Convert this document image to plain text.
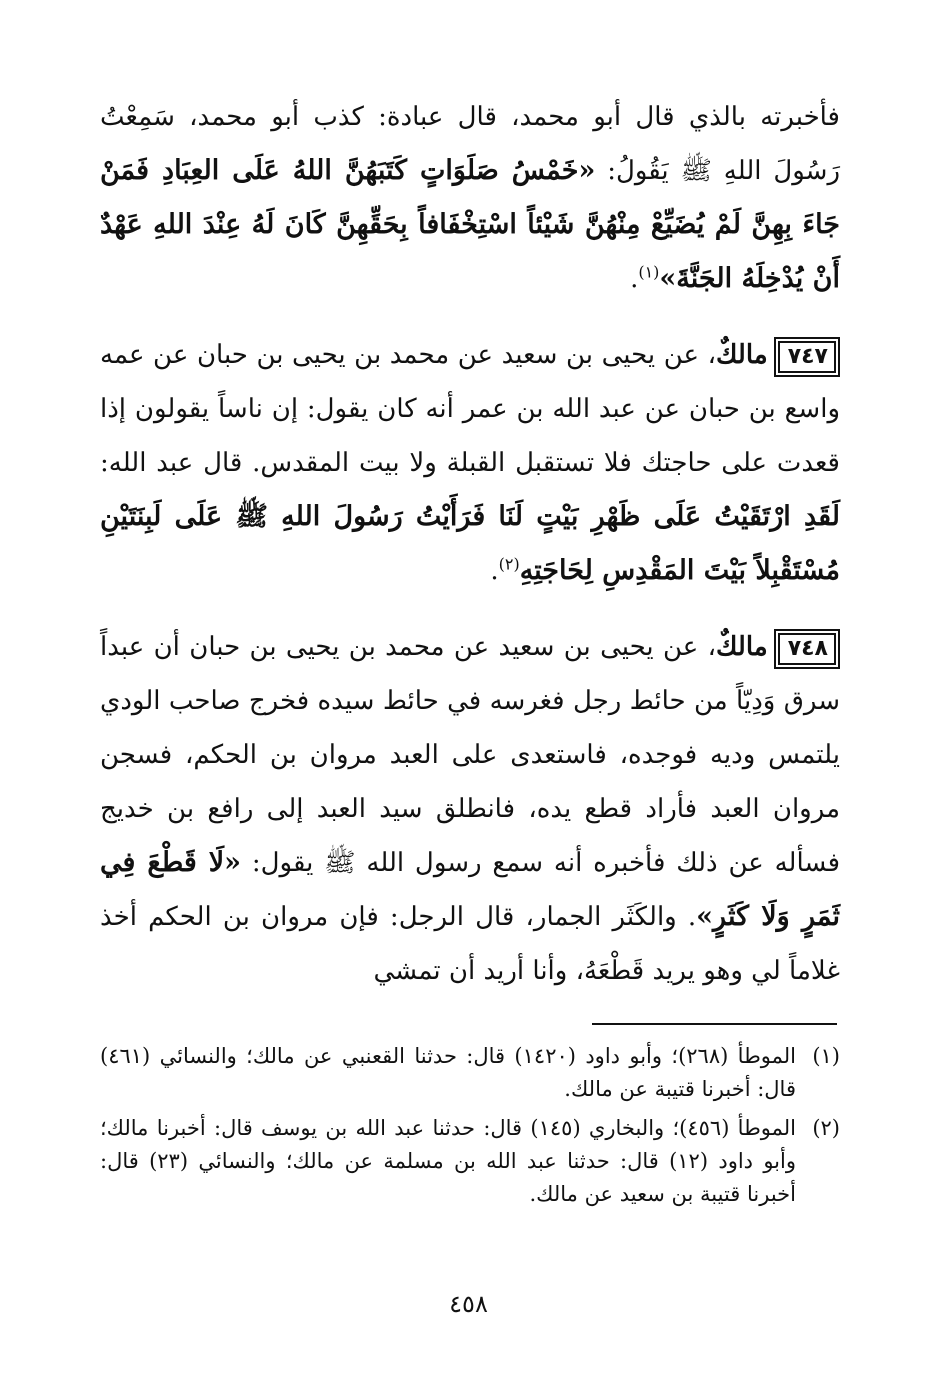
فأخبرته بالذي قال أبو محمد، قال عبادة: كذب أبو محمد، سَمِعْتُ رَسُولَ اللهِ ﷺ يَقُولُ: «خَمْسُ صَلَوَاتٍ كَتَبَهُنَّ اللهُ عَلَى العِبَادِ فَمَنْ جَاءَ بِهِنَّ لَمْ يُضَيِّعْ مِنْهُنَّ شَيْئاً اسْتِخْفَافاً بِحَقِّهِنَّ كَانَ لَهُ عِنْدَ اللهِ عَهْدٌ أَنْ يُدْخِلَهُ الجَنَّةَ»$^{(١)}$.

٧٤٧مالكٌ، عن يحيى بن سعيد عن محمد بن يحيى بن حبان عن عمه واسع بن حبان عن عبد الله بن عمر أنه كان يقول: إن ناساً يقولون إذا قعدت على حاجتك فلا تستقبل القبلة ولا بيت المقدس. قال عبد الله: لَقَدِ ارْتَقَيْتُ عَلَى ظَهْرِ بَيْتٍ لَنَا فَرَأَيْتُ رَسُولَ اللهِ ﷺ عَلَى لَبِنَتَيْنِ مُسْتَقْبِلاً بَيْتَ المَقْدِسِ لِحَاجَتِهِ$^{(٢)}$.

٧٤٨مالكٌ، عن يحيى بن سعيد عن محمد بن يحيى بن حبان أن عبداً سرق وَدِيّاً من حائط رجل فغرسه في حائط سيده فخرج صاحب الودي يلتمس وديه فوجده، فاستعدى على العبد مروان بن الحكم، فسجن مروان العبد فأراد قطع يده، فانطلق سيد العبد إلى رافع بن خديج فسأله عن ذلك فأخبره أنه سمع رسول الله ﷺ يقول: «لَا قَطْعَ فِي ثَمَرٍ وَلَا كَثَرٍ». والكَثَر الجمار، قال الرجل: فإن مروان بن الحكم أخذ غلاماً لي وهو يريد قَطْعَهُ، وأنا أريد أن تمشي

(١)
الموطأ (٢٦٨)؛ وأبو داود (١٤٢٠) قال: حدثنا القعنبي عن مالك؛ والنسائي (٤٦١) قال: أخبرنا قتيبة عن مالك.
(٢)
الموطأ (٤٥٦)؛ والبخاري (١٤٥) قال: حدثنا عبد الله بن يوسف قال: أخبرنا مالك؛ وأبو داود (١٢) قال: حدثنا عبد الله بن مسلمة عن مالك؛ والنسائي (٢٣) قال: أخبرنا قتيبة بن سعيد عن مالك.
٤٥٨
